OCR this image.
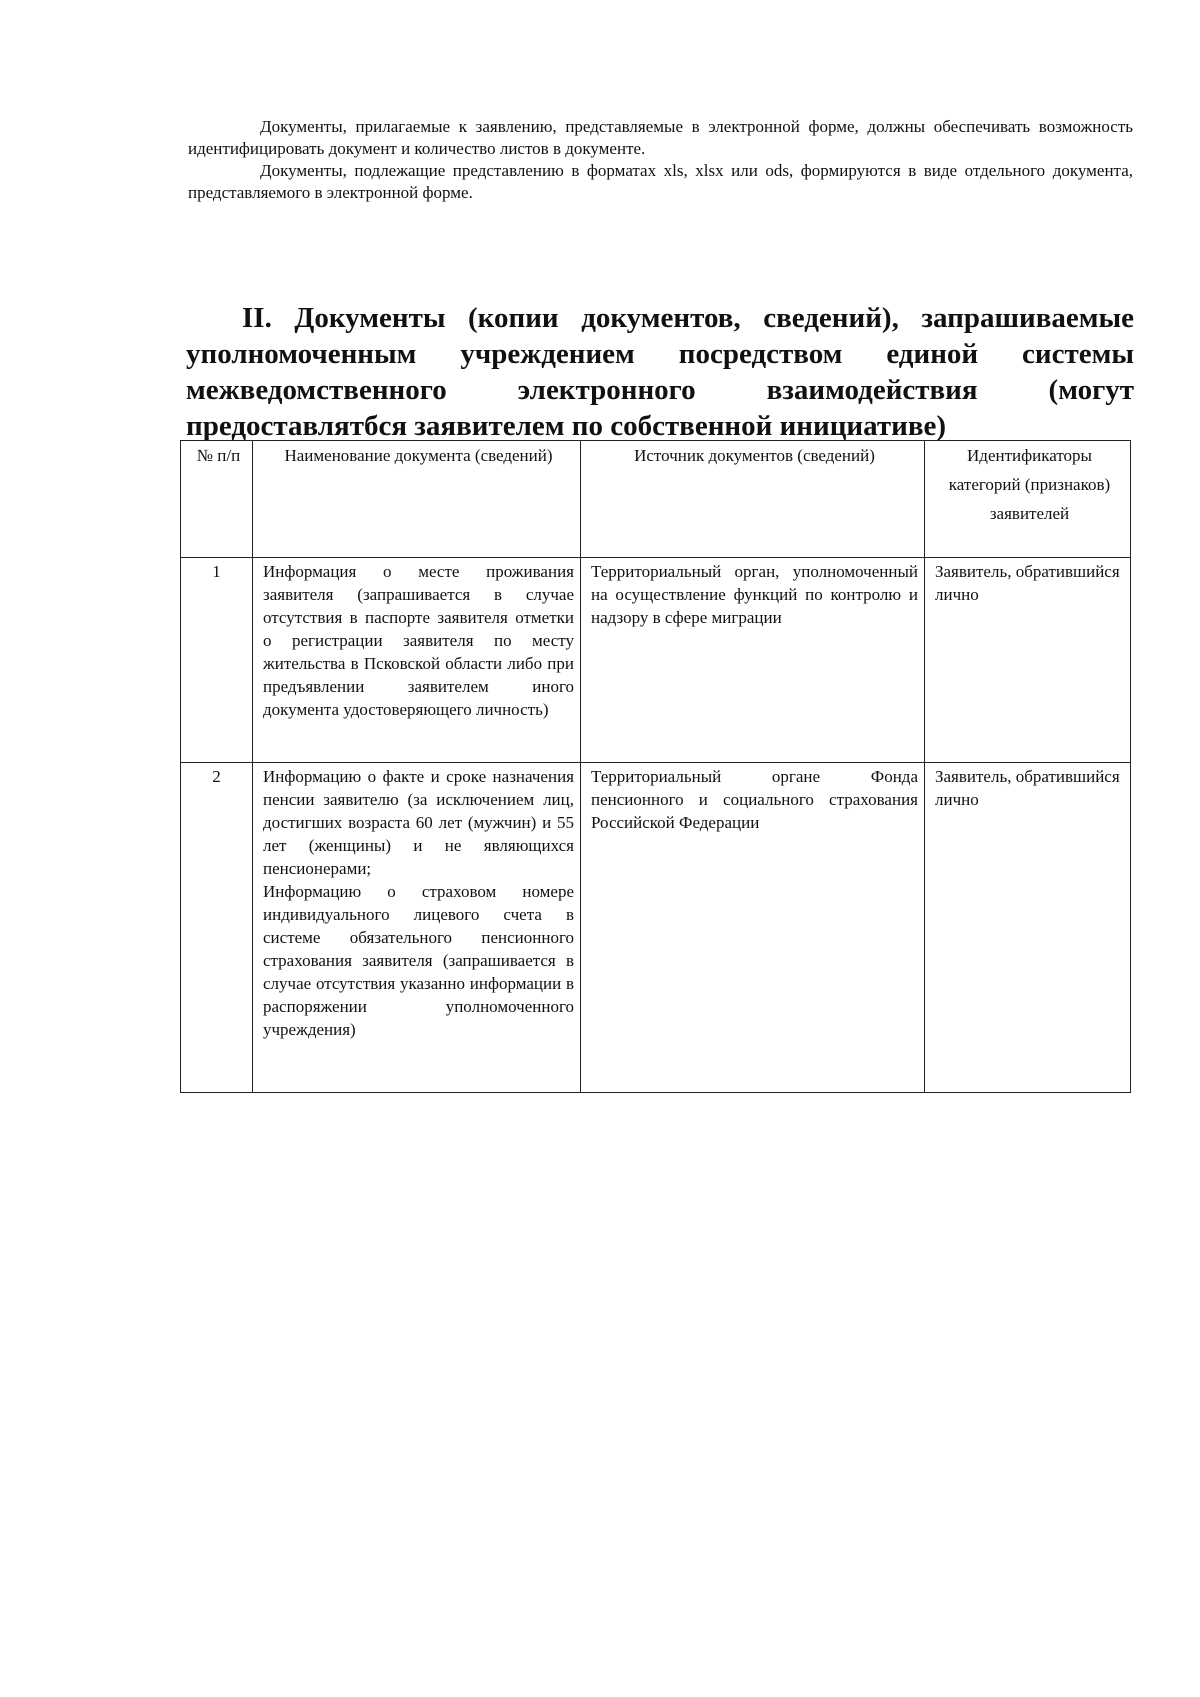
Документы, прилагаемые к заявлению, представляемые в электронной форме, должны обеспечивать возможность идентифицировать документ и количество листов в документе.

Документы, подлежащие представлению в форматах xls, xlsx или ods, формируются в виде отдельного документа, представляемого в электронной форме.

II. Документы (копии документов, сведений), запрашиваемые уполномоченным учреждением посредством единой системы межведомственного электронного взаимодействия (могут предоставлятбся заявителем по собственной инициативе)
№ п/п	Наименование документа (сведений)	Источник документов (сведений)	Идентификаторы категорий (признаков) заявителей
1	Информация о месте проживания заявителя (запрашивается в случае отсутствия в паспорте заявителя отметки о регистрации заявителя по месту жительства в Псковской области либо при предъявлении заявителем иного документа удостоверяющего личность)	Территориальный орган, уполномоченный на осуществление функций по контролю и надзору в сфере миграции	Заявитель, обратившийся лично
2	Информацию о факте и сроке назначения пенсии заявителю (за исключением лиц, достигших возраста 60 лет (мужчин) и 55 лет (женщины) и не являющихся пенсионерами;
Информацию о страховом номере индивидуального лицевого счета в системе обязательного пенсионного страхования заявителя (запрашивается в случае отсутствия указанно информации в распоряжении уполномоченного учреждения)	Территориальный органе Фонда пенсионного и социального страхования Российской Федерации	Заявитель, обратившийся лично
